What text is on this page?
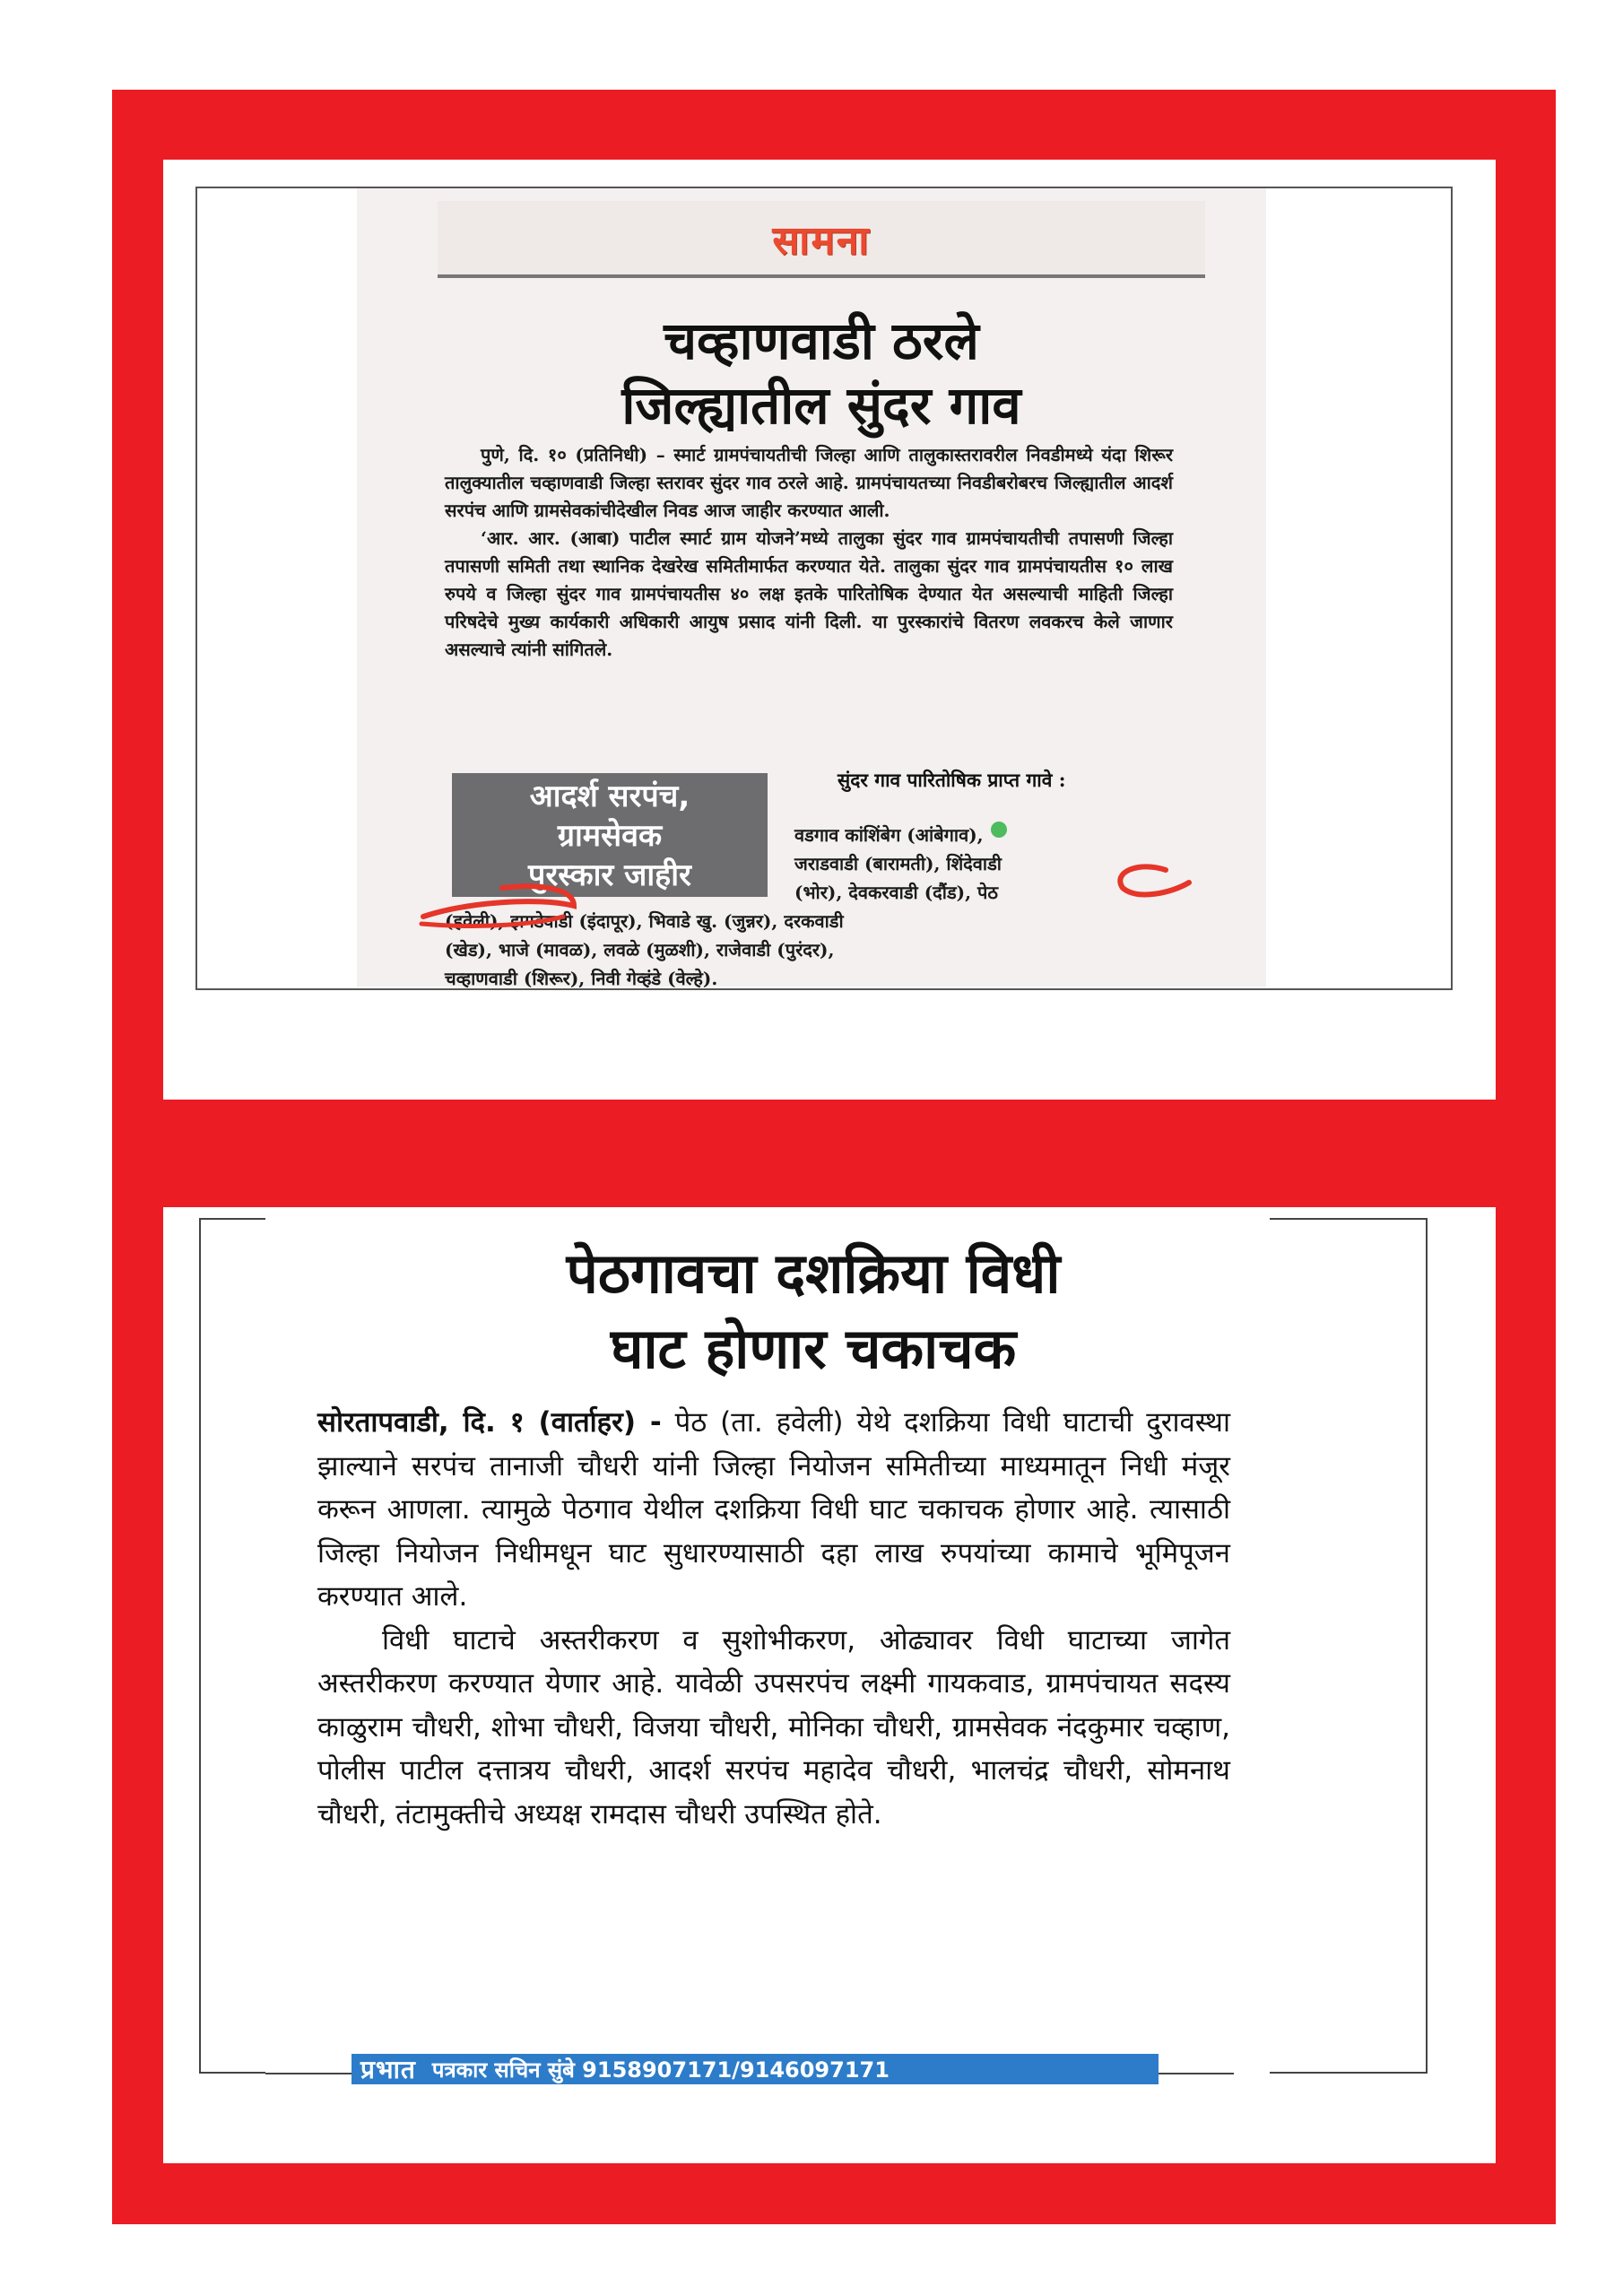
सामना
चव्हाणवाडी ठरले
जिल्ह्यातील सुंदर गाव

पुणे, दि. १० (प्रतिनिधी) – स्मार्ट ग्रामपंचायतीची जिल्हा आणि तालुकास्तरावरील निवडीमध्ये यंदा शिरूर तालुक्यातील चव्हाणवाडी जिल्हा स्तरावर सुंदर गाव ठरले आहे. ग्रामपंचायतच्या निवडीबरोबरच जिल्ह्यातील आदर्श सरपंच आणि ग्रामसेवकांचीदेखील निवड आज जाहीर करण्यात आली.

‘आर. आर. (आबा) पाटील स्मार्ट ग्राम योजने’मध्ये तालुका सुंदर गाव ग्रामपंचायतीची तपासणी जिल्हा तपासणी समिती तथा स्थानिक देखरेख समितीमार्फत करण्यात येते. तालुका सुंदर गाव ग्रामपंचायतीस १० लाख रुपये व जिल्हा सुंदर गाव ग्रामपंचायतीस ४० लक्ष इतके पारितोषिक देण्यात येत असल्याची माहिती जिल्हा परिषदेचे मुख्य कार्यकारी अधिकारी आयुष प्रसाद यांनी दिली. या पुरस्कारांचे वितरण लवकरच केले जाणार असल्याचे त्यांनी सांगितले.

सुंदर गाव पारितोषिक प्राप्त गावे :
आदर्श सरपंच,
ग्रामसेवक
पुरस्कार जाहीर
वडगाव कांशिंबेग (आंबेगाव),
जराडवाडी (बारामती), शिंदेवाडी
(भोर), देवकरवाडी (दौंड), पेठ
(हवेली), झगडेवाडी (इंदापूर), भिवाडे खु. (जुन्नर), दरकवाडी
(खेड), भाजे (मावळ), लवळे (मुळशी), राजेवाडी (पुरंदर),
चव्हाणवाडी (शिरूर), निवी गेव्हंडे (वेल्हे).
पेठगावचा दशक्रिया विधी
घाट होणार चकाचक

सोरतापवाडी, दि. १ (वार्ताहर) - पेठ (ता. हवेली) येथे दशक्रिया विधी घाटाची दुरावस्था झाल्याने सरपंच तानाजी चौधरी यांनी जिल्हा नियोजन समितीच्या माध्यमातून निधी मंजूर करून आणला. त्यामुळे पेठगाव येथील दशक्रिया विधी घाट चकाचक होणार आहे. त्यासाठी जिल्हा नियोजन निधीमधून घाट सुधारण्यासाठी दहा लाख रुपयांच्या कामाचे भूमिपूजन करण्यात आले.

विधी घाटाचे अस्तरीकरण व सुशोभीकरण, ओढ्यावर विधी घाटाच्या जागेत अस्तरीकरण करण्यात येणार आहे. यावेळी उपसरपंच लक्ष्मी गायकवाड, ग्रामपंचायत सदस्य काळुराम चौधरी, शोभा चौधरी, विजया चौधरी, मोनिका चौधरी, ग्रामसेवक नंदकुमार चव्हाण, पोलीस पाटील दत्तात्रय चौधरी, आदर्श सरपंच महादेव चौधरी, भालचंद्र चौधरी, सोमनाथ चौधरी, तंटामुक्तीचे अध्यक्ष रामदास चौधरी उपस्थित होते.

प्रभात पत्रकार सचिन सुंबे 9158907171/9146097171
